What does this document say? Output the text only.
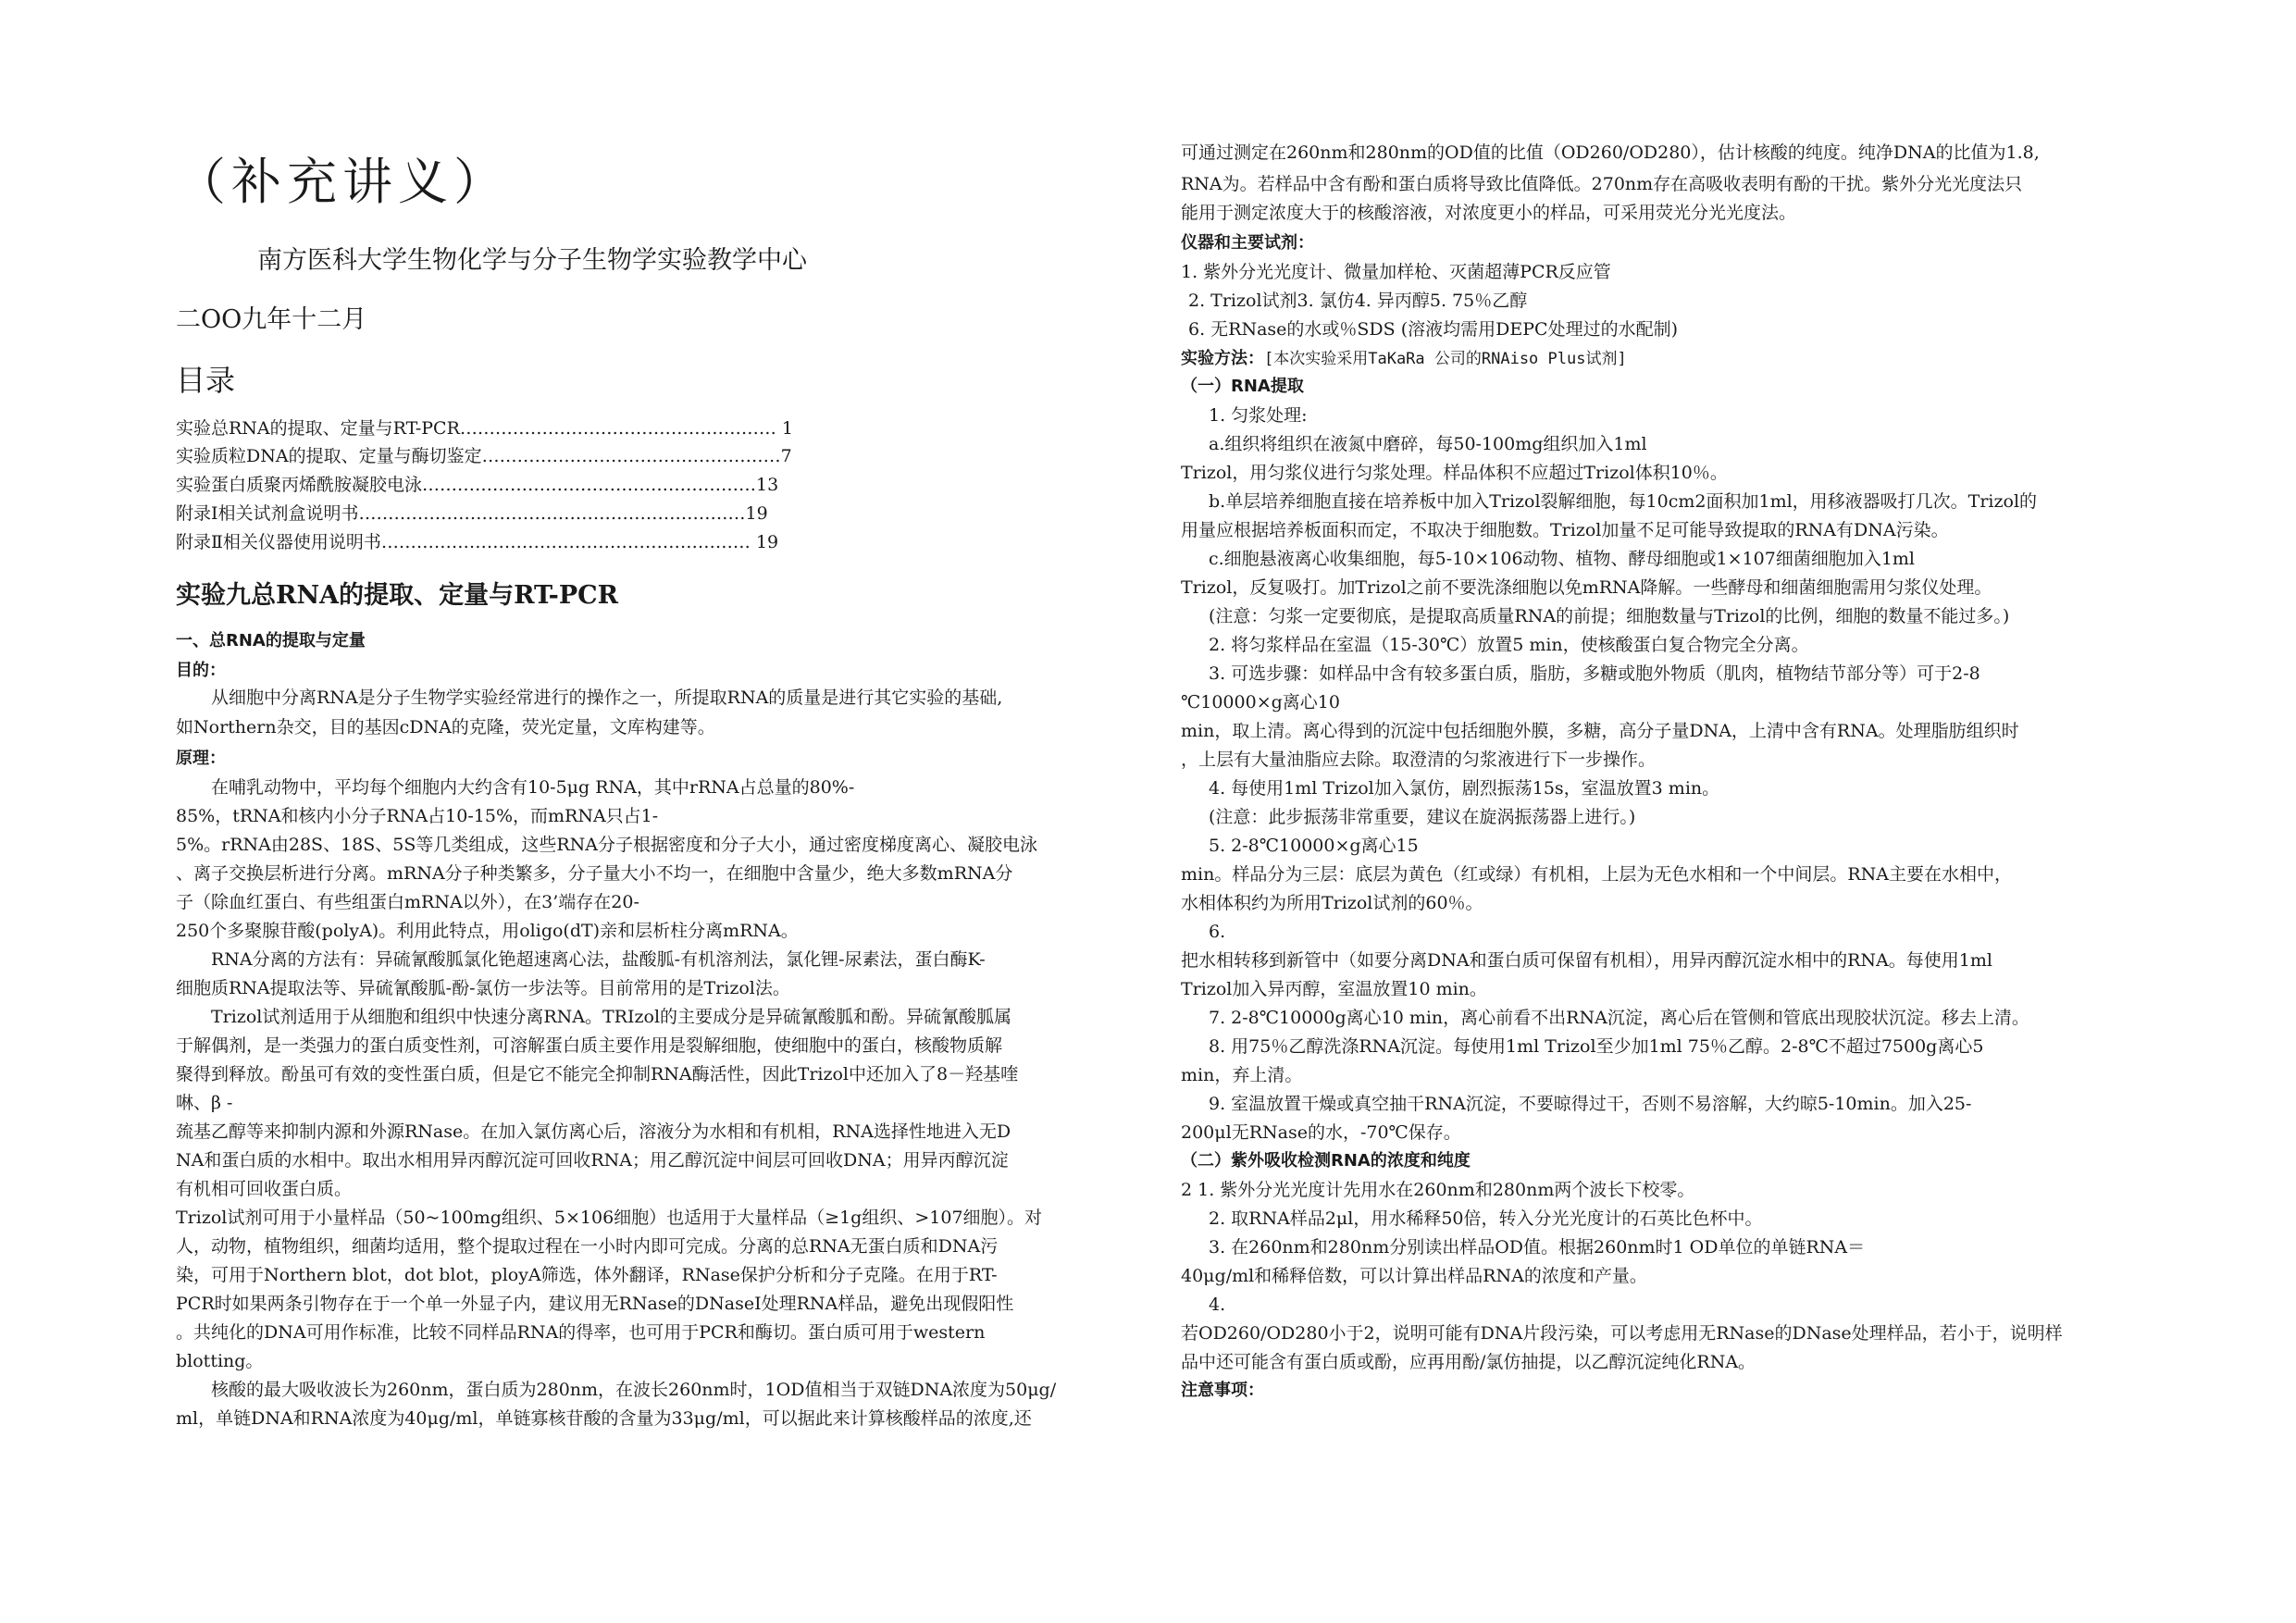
（补充讲义）
南方医科大学生物化学与分子生物学实验教学中心
二OO九年十二月
目录
实验总RNA的提取、定量与RT-PCR……………………………………………… 1
实验质粒DNA的提取、定量与酶切鉴定……………………………………………7
实验蛋白质聚丙烯酰胺凝胶电泳…………………………………………………13
附录Ⅰ相关试剂盒说明书…………………………………………………………19
附录Ⅱ相关仪器使用说明书……………………………………………………… 19
实验九总RNA的提取、定量与RT-PCR
一、总RNA的提取与定量
目的：
从细胞中分离RNA是分子生物学实验经常进行的操作之一，所提取RNA的质量是进行其它实验的基础,
如Northern杂交，目的基因cDNA的克隆，荧光定量，文库构建等。
原理：
在哺乳动物中，平均每个细胞内大约含有10-5μg RNA，其中rRNA占总量的80%-
85%，tRNA和核内小分子RNA占10-15%，而mRNA只占1-
5%。rRNA由28S、18S、5S等几类组成，这些RNA分子根据密度和分子大小，通过密度梯度离心、凝胶电泳
、离子交换层析进行分离。mRNA分子种类繁多，分子量大小不均一，在细胞中含量少，绝大多数mRNA分
子（除血红蛋白、有些组蛋白mRNA以外），在3’端存在20-
250个多聚腺苷酸(polyA)。利用此特点，用oligo(dT)亲和层析柱分离mRNA。
RNA分离的方法有：异硫氰酸胍氯化铯超速离心法，盐酸胍-有机溶剂法，氯化锂-尿素法，蛋白酶K-
细胞质RNA提取法等、异硫氰酸胍-酚-氯仿一步法等。目前常用的是Trizol法。
Trizol试剂适用于从细胞和组织中快速分离RNA。TRIzol的主要成分是异硫氰酸胍和酚。异硫氰酸胍属
于解偶剂，是一类强力的蛋白质变性剂，可溶解蛋白质主要作用是裂解细胞，使细胞中的蛋白，核酸物质解
聚得到释放。酚虽可有效的变性蛋白质，但是它不能完全抑制RNA酶活性，因此Trizol中还加入了8－羟基喹
啉、β -
巯基乙醇等来抑制内源和外源RNase。在加入氯仿离心后，溶液分为水相和有机相，RNA选择性地进入无D
NA和蛋白质的水相中。取出水相用异丙醇沉淀可回收RNA；用乙醇沉淀中间层可回收DNA；用异丙醇沉淀
有机相可回收蛋白质。
Trizol试剂可用于小量样品（50~100mg组织、5×106细胞）也适用于大量样品（≥1g组织、>107细胞）。对
人，动物，植物组织，细菌均适用，整个提取过程在一小时内即可完成。分离的总RNA无蛋白质和DNA污
染，可用于Northern blot，dot blot，ployA筛选，体外翻译，RNase保护分析和分子克隆。在用于RT-
PCR时如果两条引物存在于一个单一外显子内，建议用无RNase的DNaseⅠ处理RNA样品，避免出现假阳性
。共纯化的DNA可用作标准，比较不同样品RNA的得率，也可用于PCR和酶切。蛋白质可用于western
blotting。
核酸的最大吸收波长为260nm，蛋白质为280nm，在波长260nm时，1OD值相当于双链DNA浓度为50μg/
ml，单链DNA和RNA浓度为40μg/ml，单链寡核苷酸的含量为33μg/ml，可以据此来计算核酸样品的浓度,还
可通过测定在260nm和280nm的OD值的比值（OD260/OD280），估计核酸的纯度。纯净DNA的比值为1.8,
RNA为。若样品中含有酚和蛋白质将导致比值降低。270nm存在高吸收表明有酚的干扰。紫外分光光度法只
能用于测定浓度大于的核酸溶液，对浓度更小的样品，可采用荧光分光光度法。
仪器和主要试剂：
1. 紫外分光光度计、微量加样枪、灭菌超薄PCR反应管
2. Trizol试剂3. 氯仿4. 异丙醇5. 75％乙醇
6. 无RNase的水或％SDS (溶液均需用DEPC处理过的水配制)
实验方法：[本次实验采用TaKaRa 公司的RNAiso Plus试剂]
（一）RNA提取
1. 匀浆处理:
a.组织将组织在液氮中磨碎，每50-100mg组织加入1ml
Trizol，用匀浆仪进行匀浆处理。样品体积不应超过Trizol体积10％。
b.单层培养细胞直接在培养板中加入Trizol裂解细胞，每10cm2面积加1ml，用移液器吸打几次。Trizol的
用量应根据培养板面积而定，不取决于细胞数。Trizol加量不足可能导致提取的RNA有DNA污染。
c.细胞悬液离心收集细胞，每5-10×106动物、植物、酵母细胞或1×107细菌细胞加入1ml
Trizol，反复吸打。加Trizol之前不要洗涤细胞以免mRNA降解。一些酵母和细菌细胞需用匀浆仪处理。
(注意：匀浆一定要彻底，是提取高质量RNA的前提；细胞数量与Trizol的比例，细胞的数量不能过多。)
2. 将匀浆样品在室温（15-30℃）放置5 min，使核酸蛋白复合物完全分离。
3. 可选步骤：如样品中含有较多蛋白质，脂肪，多糖或胞外物质（肌肉，植物结节部分等）可于2-8
℃10000×g离心10
min，取上清。离心得到的沉淀中包括细胞外膜，多糖，高分子量DNA，上清中含有RNA。处理脂肪组织时
，上层有大量油脂应去除。取澄清的匀浆液进行下一步操作。
4. 每使用1ml Trizol加入氯仿，剧烈振荡15s，室温放置3 min。
(注意：此步振荡非常重要，建议在旋涡振荡器上进行。)
5. 2-8℃10000×g离心15
min。样品分为三层：底层为黄色（红或绿）有机相，上层为无色水相和一个中间层。RNA主要在水相中，
水相体积约为所用Trizol试剂的60％。
6.
把水相转移到新管中（如要分离DNA和蛋白质可保留有机相），用异丙醇沉淀水相中的RNA。每使用1ml
Trizol加入异丙醇，室温放置10 min。
7. 2-8℃10000g离心10 min，离心前看不出RNA沉淀，离心后在管侧和管底出现胶状沉淀。移去上清。
8. 用75％乙醇洗涤RNA沉淀。每使用1ml Trizol至少加1ml 75％乙醇。2-8℃不超过7500g离心5
min，弃上清。
9. 室温放置干燥或真空抽干RNA沉淀，不要晾得过干，否则不易溶解，大约晾5-10min。加入25-
200μl无RNase的水，-70℃保存。
（二）紫外吸收检测RNA的浓度和纯度
2 1. 紫外分光光度计先用水在260nm和280nm两个波长下校零。
2. 取RNA样品2μl，用水稀释50倍，转入分光光度计的石英比色杯中。
3. 在260nm和280nm分别读出样品OD值。根据260nm时1 OD单位的单链RNA＝
40μg/ml和稀释倍数，可以计算出样品RNA的浓度和产量。
4.
若OD260/OD280小于2，说明可能有DNA片段污染，可以考虑用无RNase的DNase处理样品，若小于，说明样
品中还可能含有蛋白质或酚，应再用酚/氯仿抽提，以乙醇沉淀纯化RNA。
注意事项：
